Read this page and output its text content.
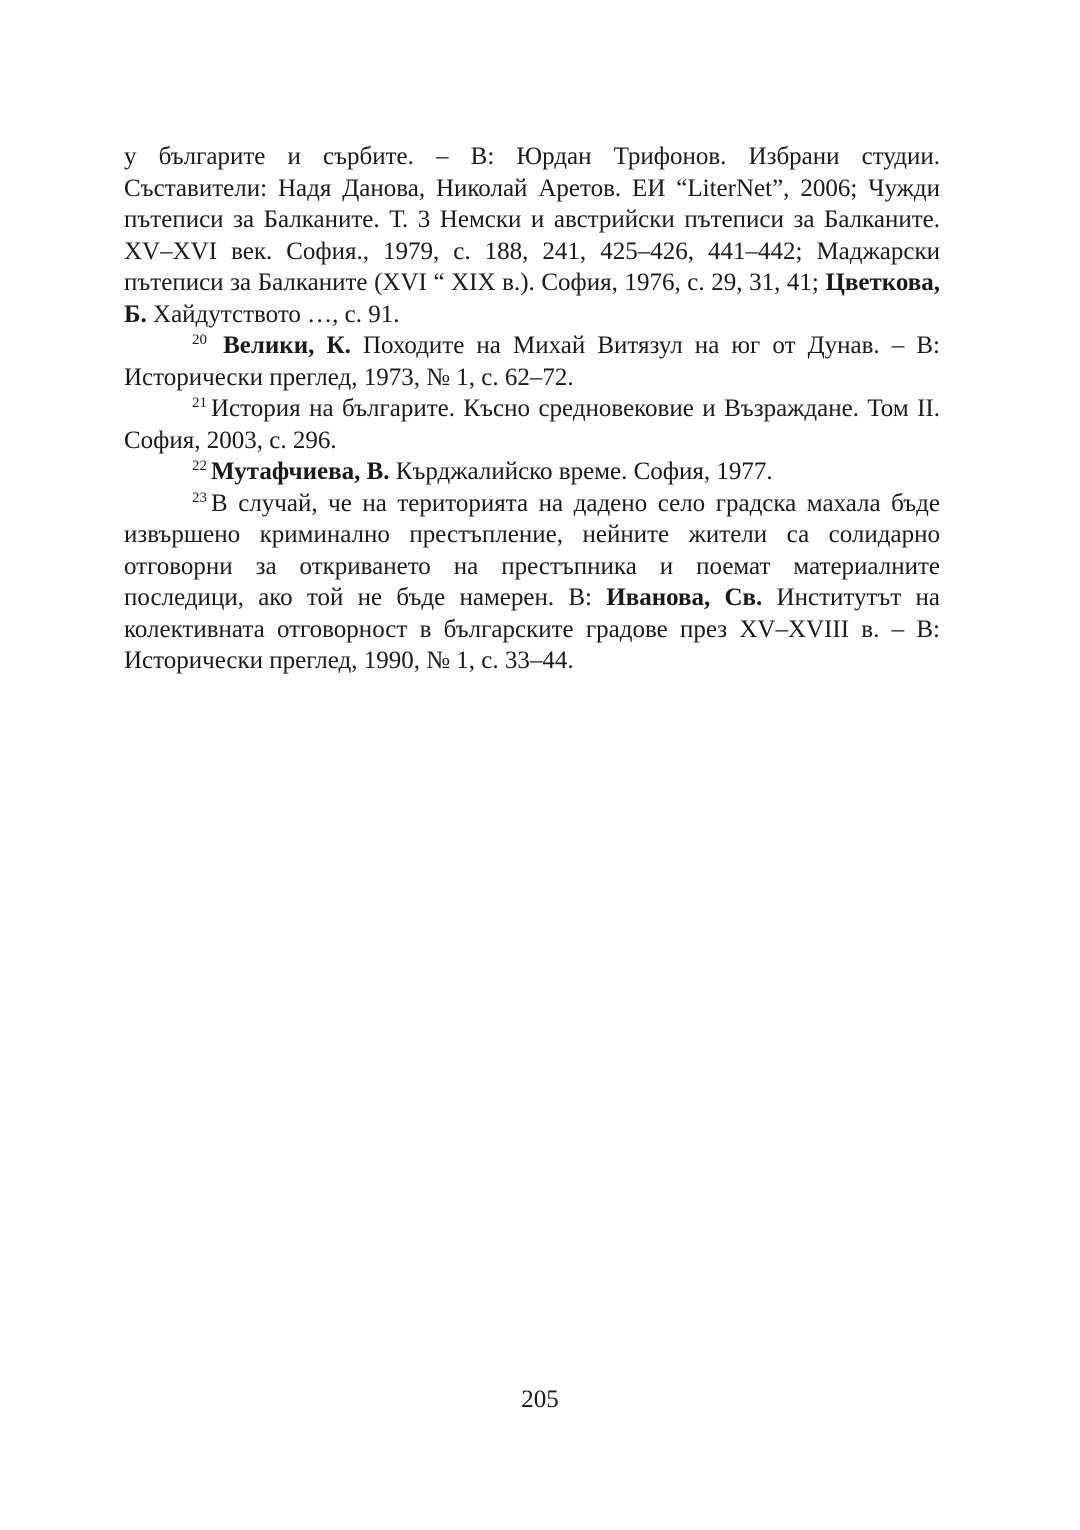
у българите и сърбите. – В: Юрдан Трифонов. Избрани студии. Съставители: Надя Данова, Николай Аретов. ЕИ “LiterNet”, 2006; Чужди пътеписи за Балканите. Т. 3 Немски и австрийски пътеписи за Балканите. XV–XVI век. София., 1979, с. 188, 241, 425–426, 441–442; Маджарски пътеписи за Балканите (XVI “ XIX в.). София, 1976, с. 29, 31, 41; Цветкова, Б. Хайдутството …, с. 91.

$^{20}$ Велики, К. Походите на Михай Витязул на юг от Дунав. – В: Исторически преглед, 1973, № 1, с. 62–72.

$^{21}$ История на българите. Късно средновековие и Възраждане. Том II. София, 2003, с. 296.

$^{22}$ Мутафчиева, В. Кърджалийско време. София, 1977.

$^{23}$ В случай, че на територията на дадено село градска махала бъде извършено криминално престъпление, нейните жители са солидарно отговорни за откриването на престъпника и поемат материалните последици, ако той не бъде намерен. В: Иванова, Св. Институтът на колективната отговорност в българските градове през XV–XVIII в. – В: Исторически преглед, 1990, № 1, с. 33–44.

205
